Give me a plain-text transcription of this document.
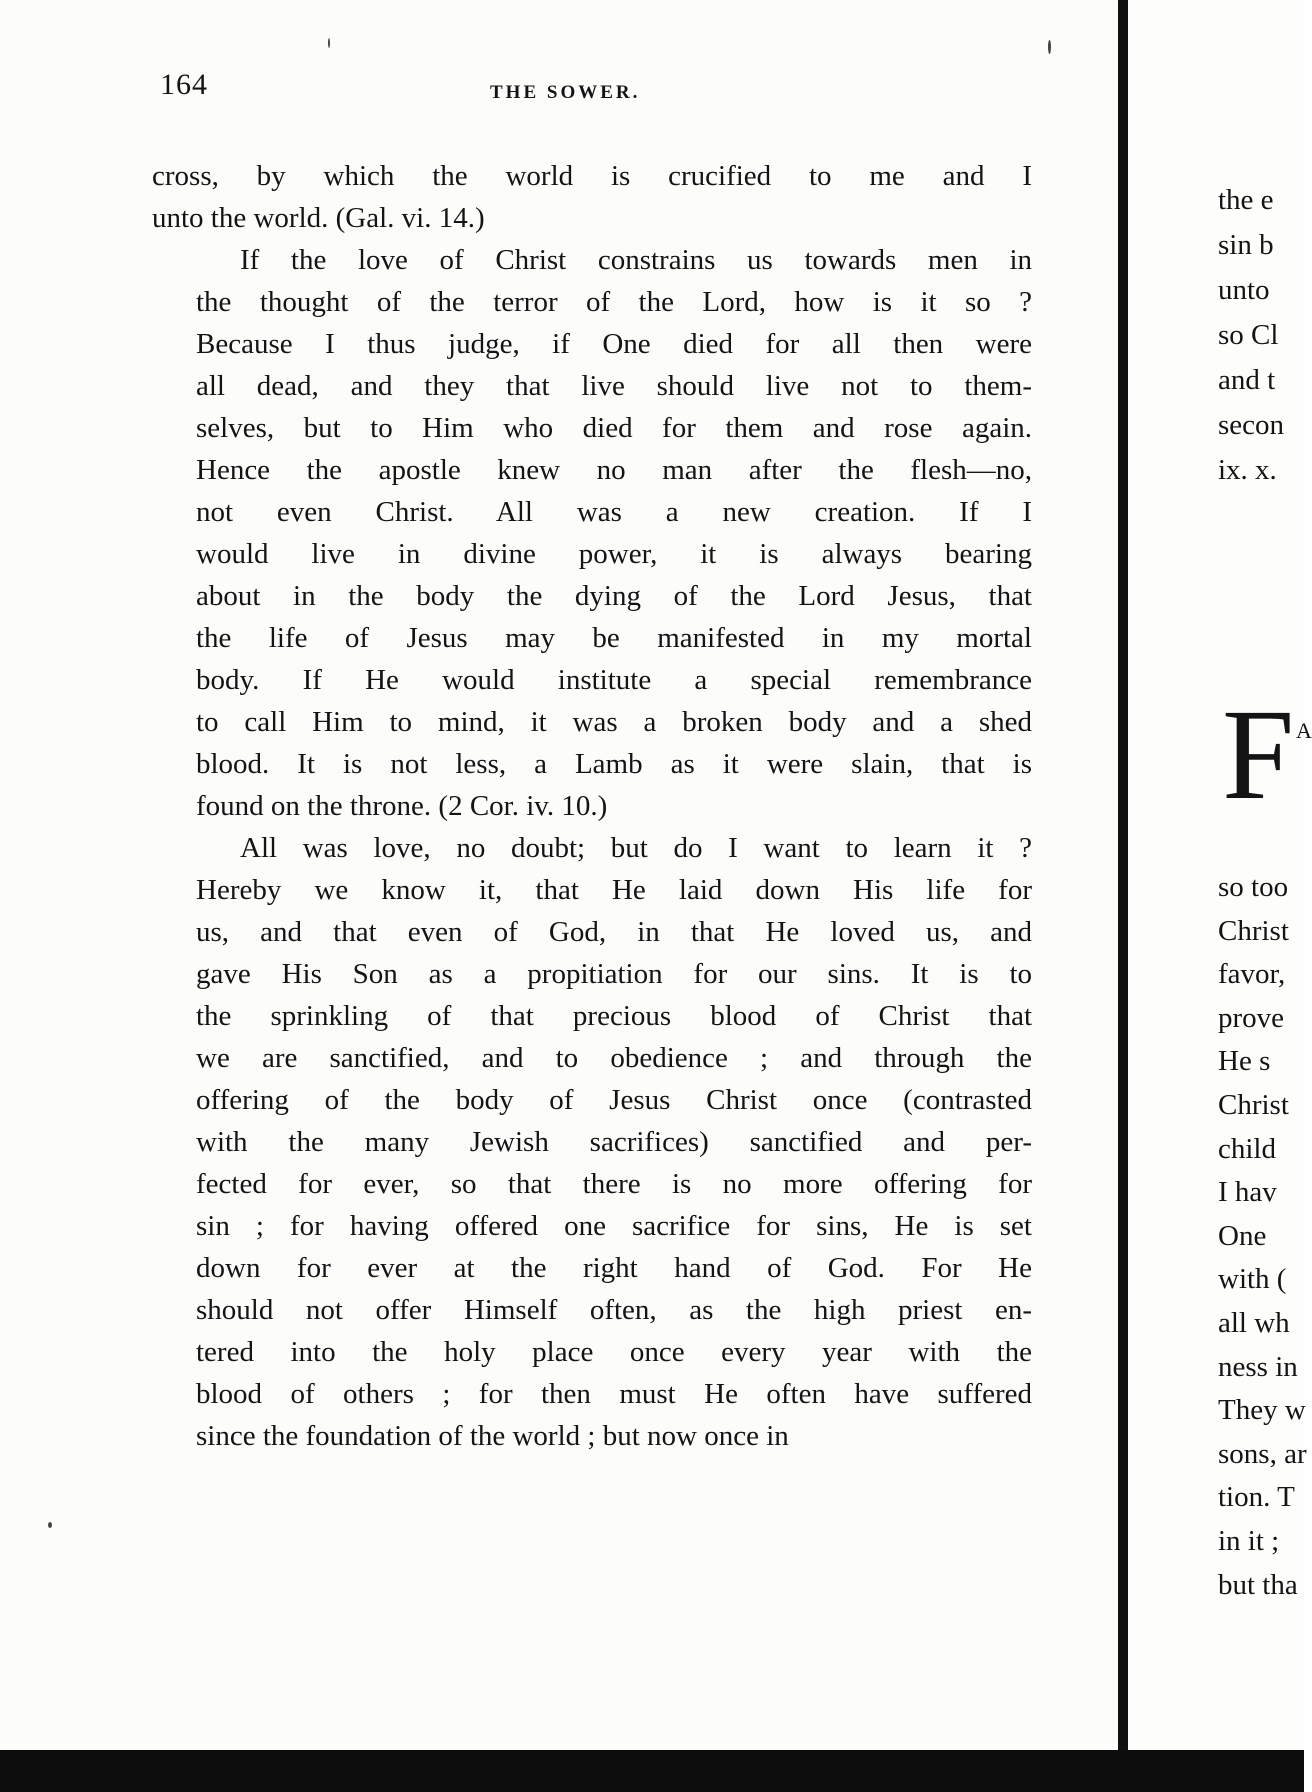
164	THE SOWER.

cross, by which the world is crucified to me and I
unto the world. (Gal. vi. 14.)

If the love of Christ constrains us towards men in
the thought of the terror of the Lord, how is it so ?
Because I thus judge, if One died for all then were
all dead, and they that live should live not to them-
selves, but to Him who died for them and rose again.
Hence the apostle knew no man after the flesh—no,
not even Christ. All was a new creation. If I
would live in divine power, it is always bearing
about in the body the dying of the Lord Jesus, that
the life of Jesus may be manifested in my mortal
body. If He would institute a special remembrance
to call Him to mind, it was a broken body and a shed
blood. It is not less, a Lamb as it were slain, that is
found on the throne. (2 Cor. iv. 10.)

All was love, no doubt; but do I want to learn it ?
Hereby we know it, that He laid down His life for
us, and that even of God, in that He loved us, and
gave His Son as a propitiation for our sins. It is to
the sprinkling of that precious blood of Christ that
we are sanctified, and to obedience ; and through the
offering of the body of Jesus Christ once (contrasted
with the many Jewish sacrifices) sanctified and per-
fected for ever, so that there is no more offering for
sin ; for having offered one sacrifice for sins, He is set
down for ever at the right hand of God. For He
should not offer Himself often, as the high priest en-
tered into the holy place once every year with the
blood of others ; for then must He often have suffered
since the foundation of the world ; but now once in

the e
sin b
unto
so Cl
and t
secon
ix. x.
F A
so too
Christ
favor,
prove
He s
Christ
child
I hav
One
with (
all wh
ness in
They w
sons, ar
tion. T
in it ;
but tha
